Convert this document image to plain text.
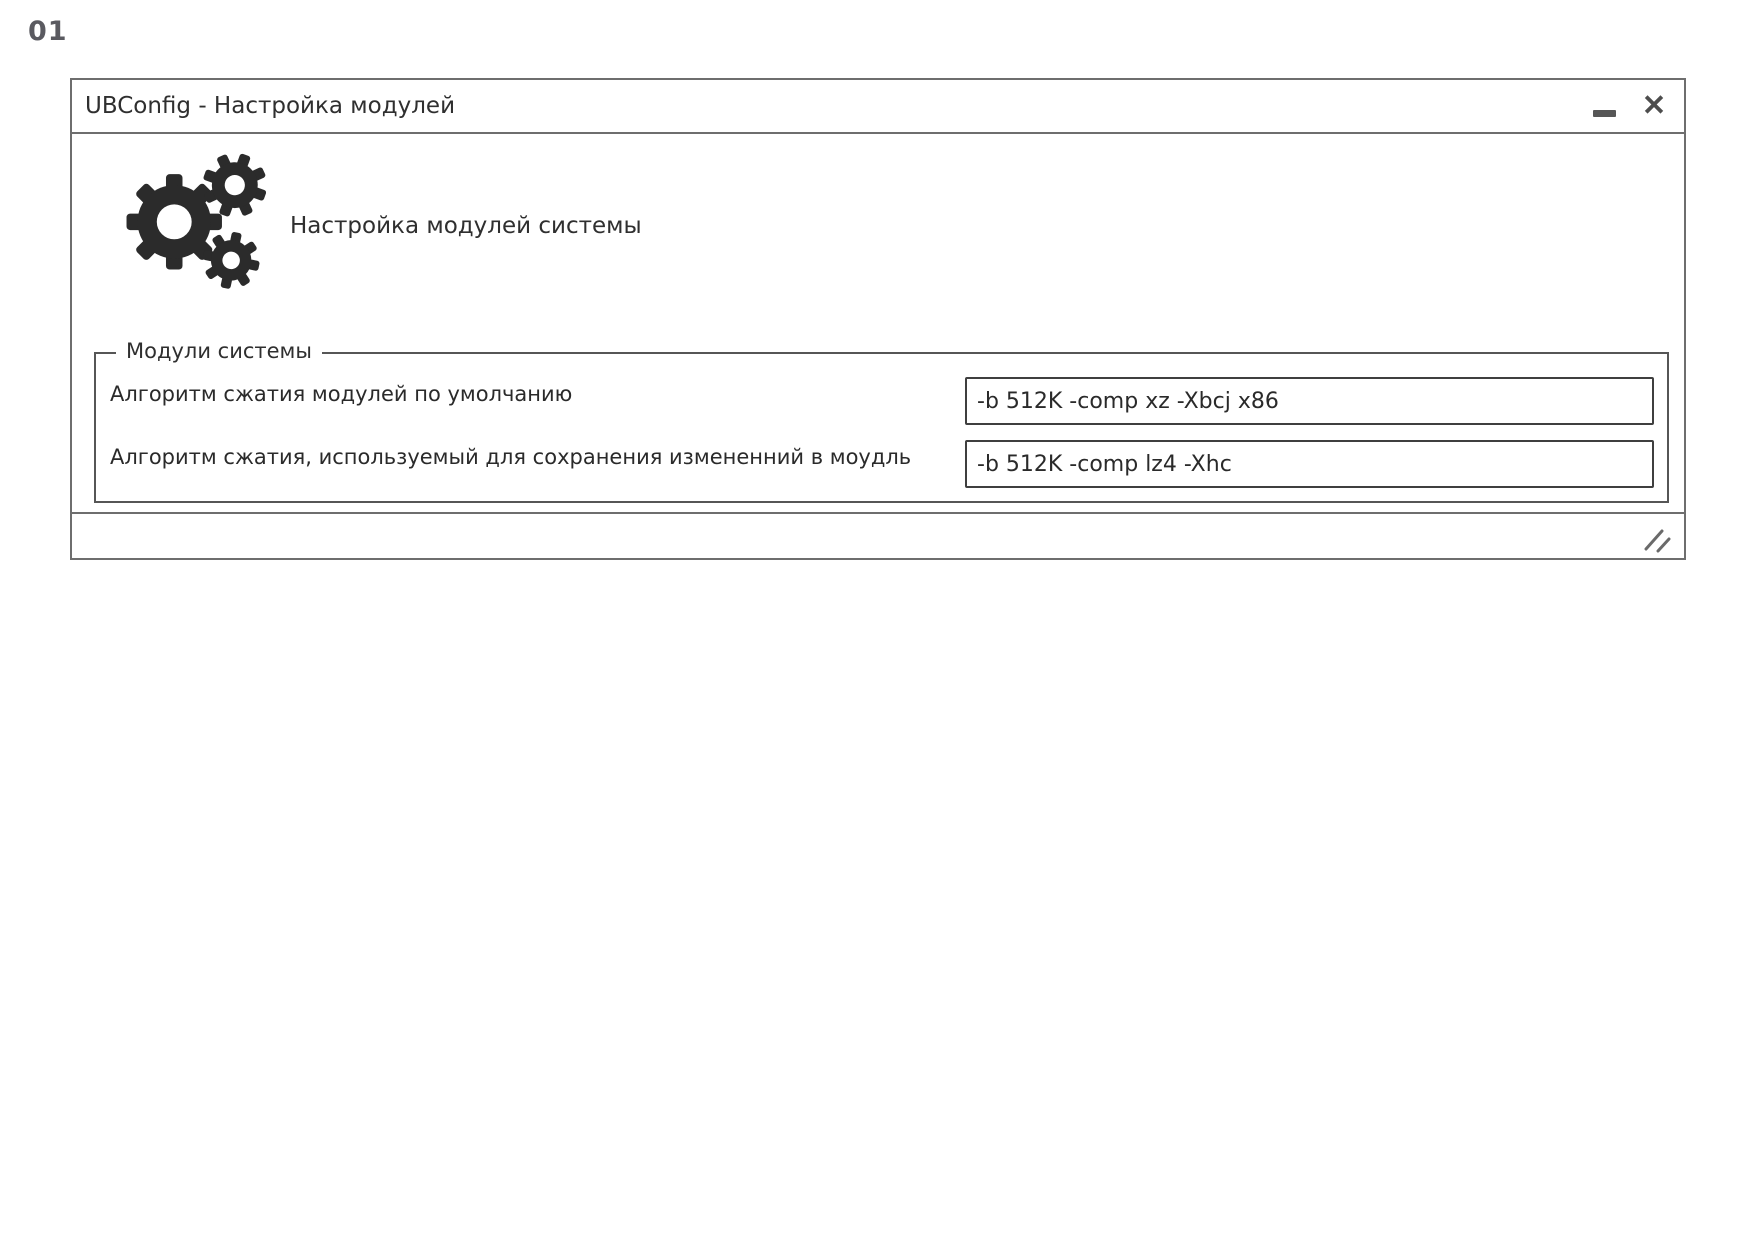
01
UBConfig - Настройка модулей	✕
Настройка модулей системы
Модули системы
Алгоритм сжатия модулей по умолчанию
-b 512K -comp xz -Xbcj x86
Алгоритм сжатия, используемый для сохранения измененний в моудль
-b 512K -comp lz4 -Xhc
